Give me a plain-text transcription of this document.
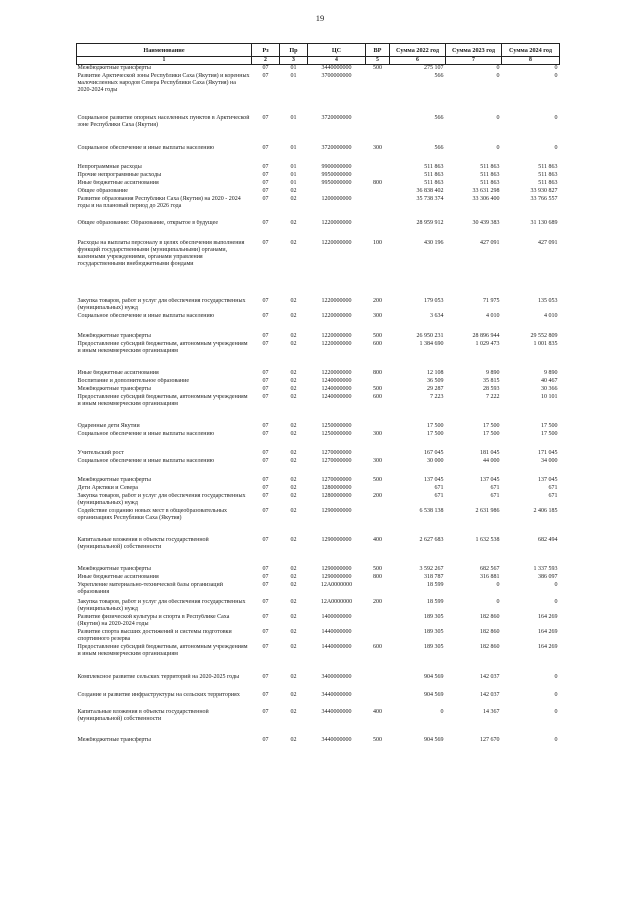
19
Наименование	Рз	Пр	ЦС	ВР	Сумма 2022 год	Сумма 2023 год	Сумма 2024 год
1	2	3	4	5	6	7	8
Межбюджетные трансферты	07	01	3440000000	500	275 107	0	0
Развитие Арктической зоны Республики Саха (Якутия) и коренных малочисленных народов Севера Республики Саха (Якутия) на 2020-2024 годы	07	01	3700000000		566	0	0
Социальное развитие опорных населенных пунктов в Арктической зоне Республики Саха (Якутия)	07	01	3720000000		566	0	0
Социальное обеспечение и иные выплаты населению	07	01	3720000000	300	566	0	0
Непрограммные расходы	07	01	9900000000		511 863	511 863	511 863
Прочие непрограммные расходы	07	01	9950000000		511 863	511 863	511 863
Иные бюджетные ассигнования	07	01	9950000000	800	511 863	511 863	511 863
Общее образование	07	02			36 838 402	33 631 298	33 930 827
Развитие образования Республики Саха (Якутия) на 2020 - 2024 годы и на плановый период до 2026 года	07	02	1200000000		35 738 374	33 306 400	33 766 557
Общее образование: Образование, открытое в будущее	07	02	1220000000		28 959 912	30 439 383	31 130 689
Расходы на выплаты персоналу в целях обеспечения выполнения функций государственными (муниципальными) органами, казенными учреждениями, органами управления государственными внебюджетными фондами	07	02	1220000000	100	430 196	427 091	427 091
Закупка товаров, работ и услуг для обеспечения государственных (муниципальных) нужд	07	02	1220000000	200	179 053	71 975	135 053
Социальное обеспечение и иные выплаты населению	07	02	1220000000	300	3 634	4 010	4 010
Межбюджетные трансферты	07	02	1220000000	500	26 950 231	28 896 944	29 552 809
Предоставление субсидий бюджетным, автономным учреждениям и иным некоммерческим организациям	07	02	1220000000	600	1 384 690	1 029 473	1 001 835
Иные бюджетные ассигнования	07	02	1220000000	800	12 108	9 890	9 890
Воспитание и дополнительное образование	07	02	1240000000		36 509	35 815	40 467
Межбюджетные трансферты	07	02	1240000000	500	29 287	28 593	30 366
Предоставление субсидий бюджетным, автономным учреждениям и иным некоммерческим организациям	07	02	1240000000	600	7 223	7 222	10 101
Одаренные дети Якутии	07	02	1250000000		17 500	17 500	17 500
Социальное обеспечение и иные выплаты населению	07	02	1250000000	300	17 500	17 500	17 500
Учительский рост	07	02	1270000000		167 045	181 045	171 045
Социальное обеспечение и иные выплаты населению	07	02	1270000000	300	30 000	44 000	34 000
Межбюджетные трансферты	07	02	1270000000	500	137 045	137 045	137 045
Дети Арктики и Севера	07	02	1280000000		671	671	671
Закупка товаров, работ и услуг для обеспечения государственных (муниципальных) нужд	07	02	1280000000	200	671	671	671
Содействие созданию новых мест в общеобразовательных организациях Республики Саха (Якутия)	07	02	1290000000		6 538 138	2 631 986	2 406 185
Капитальные вложения в объекты государственной (муниципальной) собственности	07	02	1290000000	400	2 627 683	1 632 538	682 494
Межбюджетные трансферты	07	02	1290000000	500	3 592 267	682 567	1 337 593
Иные бюджетные ассигнования	07	02	1290000000	800	318 787	316 881	386 097
Укрепление материально-технической базы организаций образования	07	02	12А0000000		18 599	0	0
Закупка товаров, работ и услуг для обеспечения государственных (муниципальных) нужд	07	02	12А0000000	200	18 599	0	0
Развитие физической культуры и спорта в Республике Саха (Якутия) на 2020-2024 годы	07	02	1400000000		189 305	182 860	164 269
Развитие спорта высших достижений и системы подготовки спортивного резерва	07	02	1440000000		189 305	182 860	164 269
Предоставление субсидий бюджетным, автономным учреждениям и иным некоммерческим организациям	07	02	1440000000	600	189 305	182 860	164 269
Комплексное развитие сельских территорий на 2020-2025 годы	07	02	3400000000		904 569	142 037	0
Создание и развитие инфраструктуры на сельских территориях	07	02	3440000000		904 569	142 037	0
Капитальные вложения в объекты государственной (муниципальной) собственности	07	02	3440000000	400	0	14 367	0
Межбюджетные трансферты	07	02	3440000000	500	904 569	127 670	0
